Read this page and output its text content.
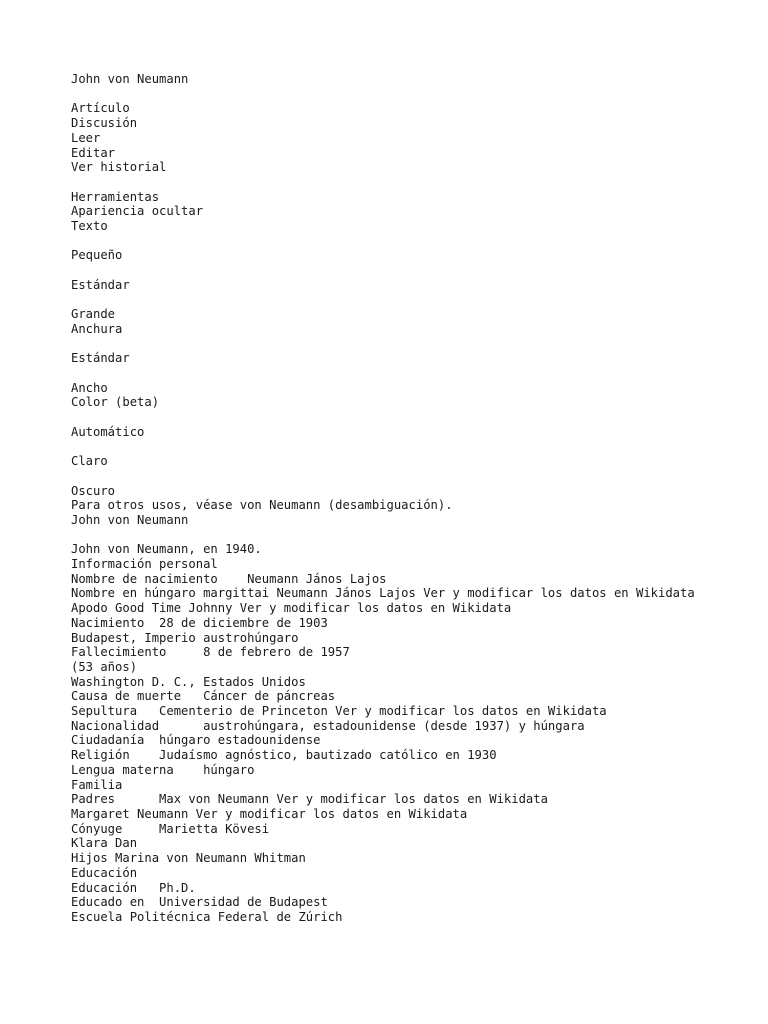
John von Neumann
Artículo
Discusión
Leer
Editar
Ver historial
Herramientas
Apariencia ocultar
Texto
Pequeño
Estándar
Grande
Anchura
Estándar
Ancho
Color (beta)
Automático
Claro
Oscuro
Para otros usos, véase von Neumann (desambiguación).
John von Neumann
John von Neumann, en 1940.
Información personal
Nombre de nacimiento    Neumann János Lajos
Nombre en húngaro margittai Neumann János Lajos Ver y modificar los datos en Wikidata
Apodo Good Time Johnny Ver y modificar los datos en Wikidata
Nacimiento  28 de diciembre de 1903
Budapest, Imperio austrohúngaro
Fallecimiento     8 de febrero de 1957
(53 años)
Washington D. C., Estados Unidos
Causa de muerte   Cáncer de páncreas
Sepultura   Cementerio de Princeton Ver y modificar los datos en Wikidata
Nacionalidad      austrohúngara, estadounidense (desde 1937) y húngara
Ciudadanía  húngaro estadounidense
Religión    Judaísmo agnóstico, bautizado católico en 1930
Lengua materna    húngaro
Familia
Padres      Max von Neumann Ver y modificar los datos en Wikidata
Margaret Neumann Ver y modificar los datos en Wikidata
Cónyuge     Marietta Kövesi
Klara Dan
Hijos Marina von Neumann Whitman
Educación
Educación   Ph.D.
Educado en  Universidad de Budapest
Escuela Politécnica Federal de Zúrich
